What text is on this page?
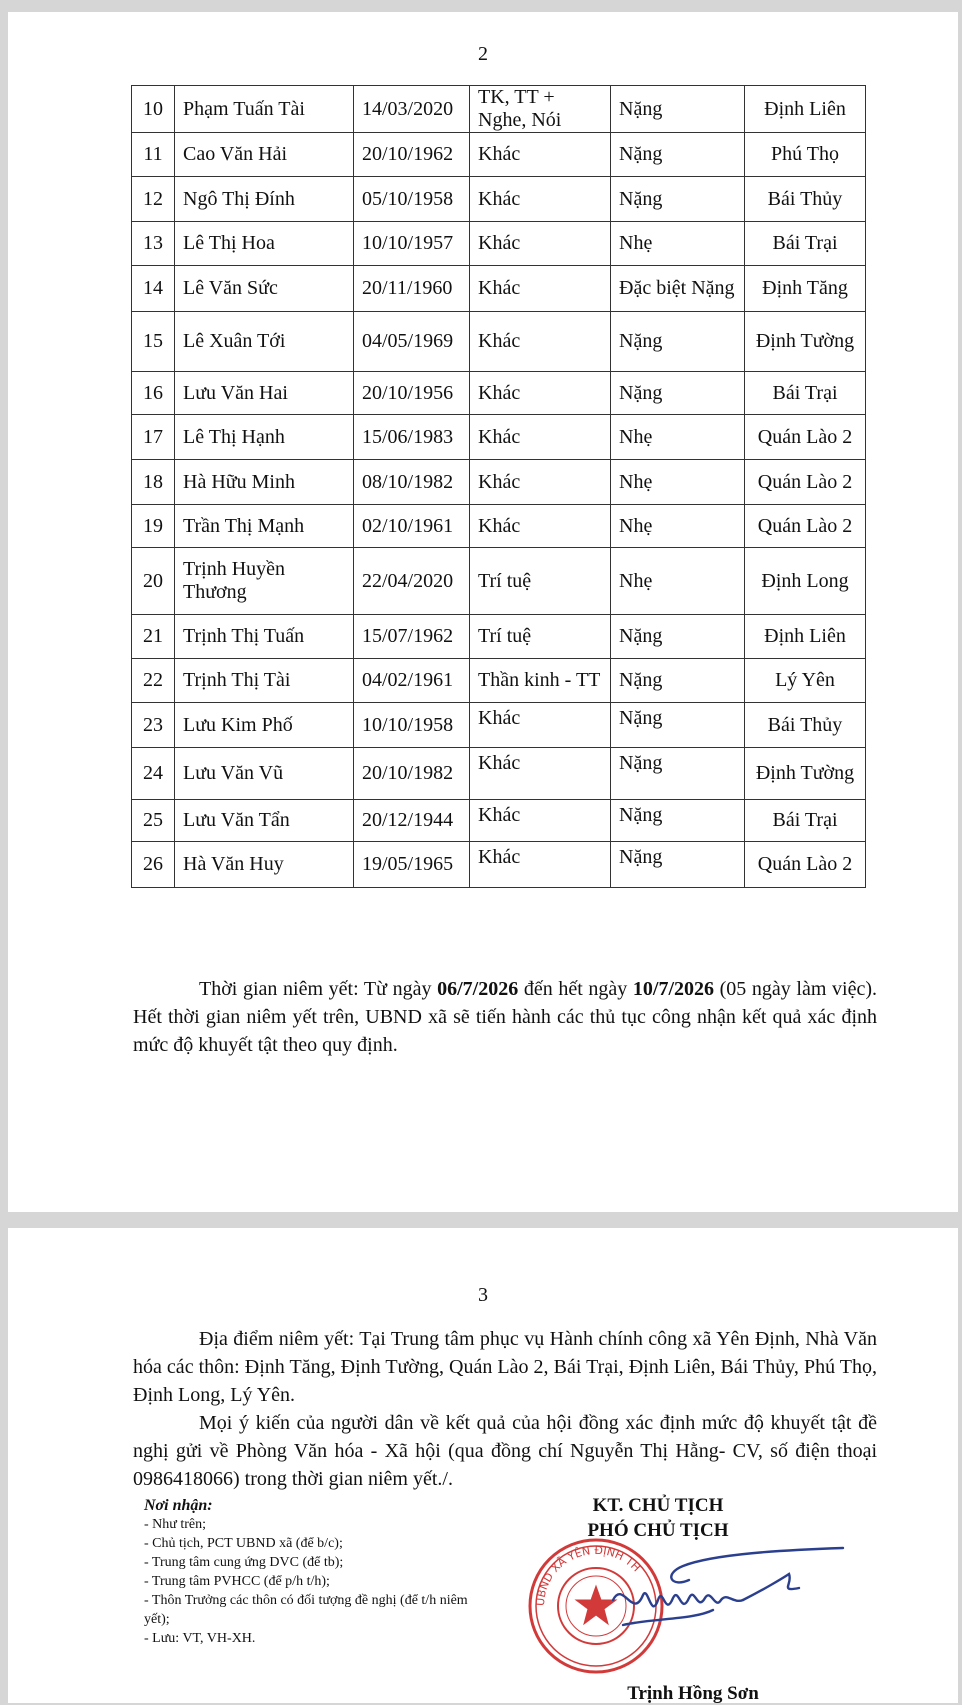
2
10	Phạm Tuấn Tài	14/03/2020	TK, TT + Nghe, Nói	Nặng	Định Liên
11	Cao Văn Hải	20/10/1962	Khác	Nặng	Phú Thọ
12	Ngô Thị Đính	05/10/1958	Khác	Nặng	Bái Thủy
13	Lê Thị Hoa	10/10/1957	Khác	Nhẹ	Bái Trại
14	Lê Văn Sức	20/11/1960	Khác	Đặc biệt Nặng	Định Tăng
15	Lê Xuân Tới	04/05/1969	Khác	Nặng	Định Tường
16	Lưu Văn Hai	20/10/1956	Khác	Nặng	Bái Trại
17	Lê Thị Hạnh	15/06/1983	Khác	Nhẹ	Quán Lào 2
18	Hà Hữu Minh	08/10/1982	Khác	Nhẹ	Quán Lào 2
19	Trần Thị Mạnh	02/10/1961	Khác	Nhẹ	Quán Lào 2
20	Trịnh Huyền Thương	22/04/2020	Trí tuệ	Nhẹ	Định Long
21	Trịnh Thị Tuấn	15/07/1962	Trí tuệ	Nặng	Định Liên
22	Trịnh Thị Tài	04/02/1961	Thần kinh - TT	Nặng	Lý Yên
23	Lưu Kim Phố	10/10/1958	Khác	Nặng	Bái Thủy
24	Lưu Văn Vũ	20/10/1982	Khác	Nặng	Định Tường
25	Lưu Văn Tẩn	20/12/1944	Khác	Nặng	Bái Trại
26	Hà Văn Huy	19/05/1965	Khác	Nặng	Quán Lào 2
Thời gian niêm yết: Từ ngày 06/7/2026 đến hết ngày 10/7/2026 (05 ngày làm việc). Hết thời gian niêm yết trên, UBND xã sẽ tiến hành các thủ tục công nhận kết quả xác định mức độ khuyết tật theo quy định.
3
Địa điểm niêm yết: Tại Trung tâm phục vụ Hành chính công xã Yên Định, Nhà Văn hóa các thôn: Định Tăng, Định Tường, Quán Lào 2, Bái Trại, Định Liên, Bái Thủy, Phú Thọ, Định Long, Lý Yên.
Mọi ý kiến của người dân về kết quả của hội đồng xác định mức độ khuyết tật đề nghị gửi về Phòng Văn hóa - Xã hội (qua đồng chí Nguyễn Thị Hằng- CV, số điện thoại 0986418066) trong thời gian niêm yết./.
Nơi nhận:
- Như trên;
- Chủ tịch, PCT UBND xã (để b/c);
- Trung tâm cung ứng DVC (để tb);
- Trung tâm PVHCC (để p/h t/h);
- Thôn Trưởng các thôn có đối tượng đề nghị (để t/h niêm yết);
- Lưu: VT, VH-XH.
KT. CHỦ TỊCH
PHÓ CHỦ TỊCH
UBND XÃ YÊN ĐỊNH TH
Trịnh Hồng Sơn
